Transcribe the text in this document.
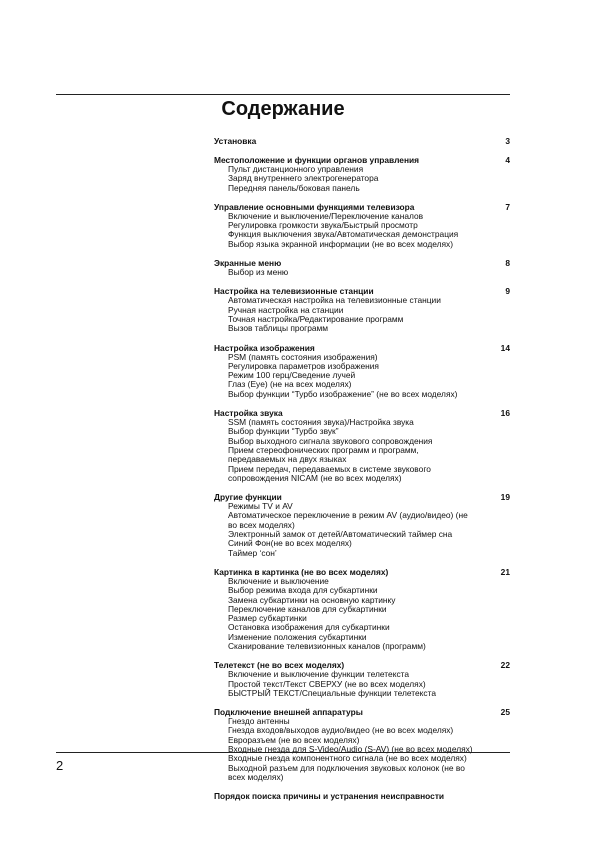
Содержание
Установка	3
Местоположение и функции органов управления	4
Пульт дистанционного управления
Заряд внутреннего электрогенератора
Передняя панель/боковая панель
Управление основными функциями телевизора	7
Включение и выключение/Переключение каналов
Регулировка громкости звука/Быстрый просмотр
Функция выключения звука/Автоматическая демонстрация
Выбор языка экранной информации (не во всех моделях)
Экранные меню	8
Выбор из меню
Настройка на телевизионные станции	9
Автоматическая настройка на телевизионные станции
Ручная настройка на станции
Точная настройка/Редактирование программ
Вызов таблицы программ
Настройка изображения	14
PSM (память состояния изображения)
Регулировка параметров изображения
Режим 100 герц/Сведение лучей
Глаз (Eye) (не на всех моделях)
Выбор функции “Турбо изображение” (не во всех моделях)
Настройка звука	16
SSM (память состояния звука)/Настройка звука
Выбор функции “Турбо звук”
Выбор выходного сигнала звукового сопровождения
Прием стереофонических программ и программ,
передаваемых на двух языках
Прием передач, передаваемых в системе звукового
сопровождения NICAM (не во всех моделях)
Другие функции	19
Режимы TV и AV
Автоматическое переключение в режим AV (аудио/видео) (не
во всех моделях)
Электронный замок от детей/Автоматический таймер сна
Синий Фон(не во всех моделях)
Таймер ‘сон’
Картинка в картинка (не во всех моделях)	21
Включение и выключение
Выбор режима входа для субкартинки
Замена субкартинки на основную картинку
Переключение каналов для субкартинки
Размер субкартинки
Остановка изображения для субкартинки
Изменение положения субкартинки
Сканирование телевизионных каналов (программ)
Телетекст (не во всех моделях)	22
Включение и выключение функции телетекста
Простой текст/Текст СВЕРХУ (не во всех моделях)
БЫСТРЫЙ ТЕКСТ/Специальные функции телетекста
Подключение внешней аппаратуры	25
Гнездо антенны
Гнезда входов/выходов аудио/видео (не во всех моделях)
Евроразъем (не во всех моделях)
Входные гнезда для S-Video/Audio (S-AV) (не во всех моделях)
Входные гнезда компонентного сигнала (не во всех моделях)
Выходной разъем для подключения звуковых колонок (не во
всех моделях)
Порядок поиска причины и устранения неисправности
2
